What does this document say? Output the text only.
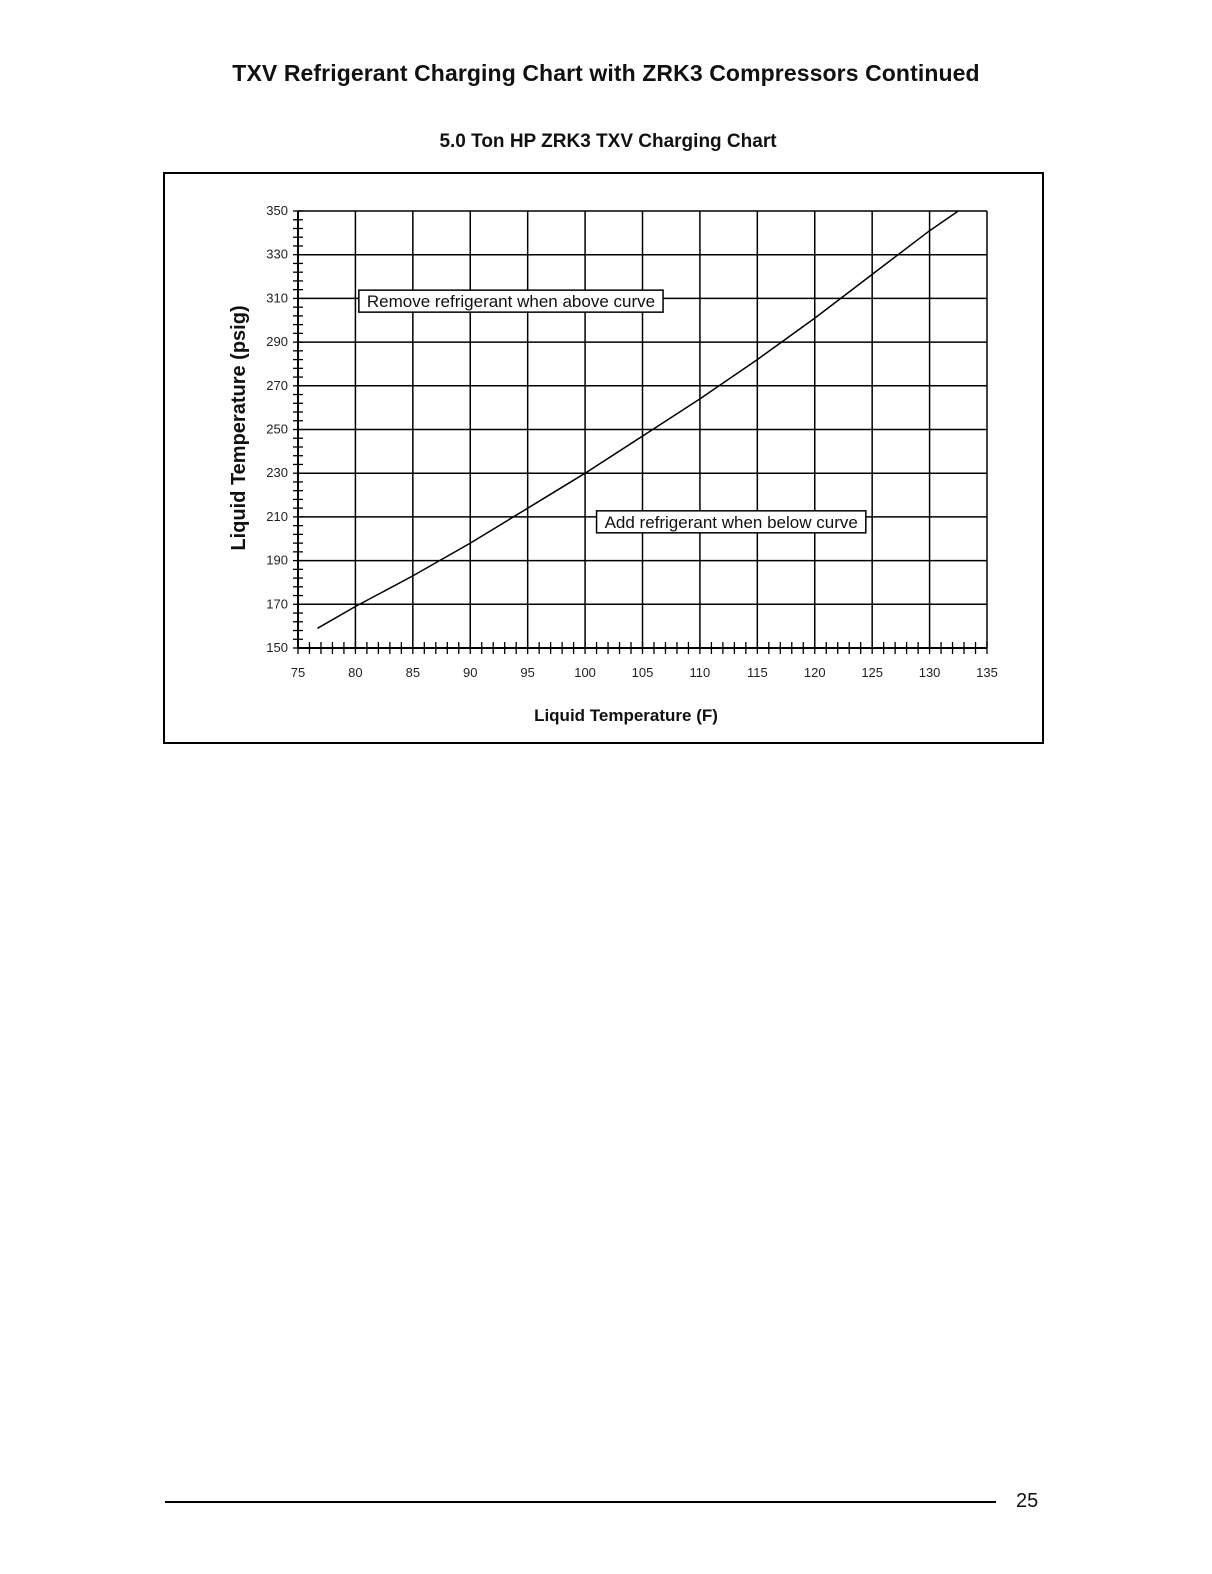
TXV Refrigerant Charging Chart with ZRK3 Compressors Continued
5.0 Ton HP ZRK3 TXV Charging Chart
75	80	85	90	95	100	105	110	115	120	125	130	135
150
170
190
210
230
250
270
290
310
330
350
Remove refrigerant when above curve
Add refrigerant when below curve
Liquid Temperature (F)
Liquid Temperature (psig)
25
